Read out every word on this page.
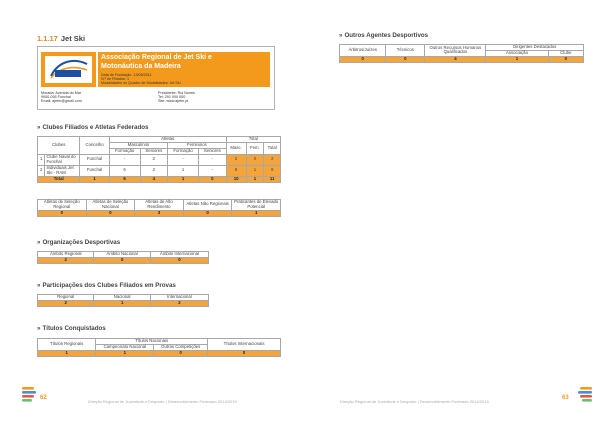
1.1.17 Jet Ski
Associação Regional de Jet Ski e
Motonáutica da Madeira
Data de Fundação: 13/05/2011
N.º de Filiados: 1
Modalidades no Quadro de Modalidades: Jet Ski
Morada: Avenida do Mar
9000-055 Funchal
Email: ajetm@gmail.com
Presidente: Rui Nunes
Tel: 291 000 000
Site: www.ajetm.pt
» Clubes Filiados e Atletas Federados
Clubes		Concelho	Atletas				Total		
			Masculinos		Femininos		Masc.	Fem.	Total
			Formação	Seniores	Formação	Seniores			
1	Clube Naval do Funchal	Funchal	-	2	-	-	2	0	2
2	Individuais Jet Ski - RAM	Funchal	6	2	1	-	8	1	9
Total		1	6	4	1	0	10	1	11
Atletas de Seleção Regional	Atletas de Seleção Nacional	Atletas de Alto Rendimento	Atletas Não Regionais	Praticantes de Elevado Potencial
0	0	3	0	1
» Organizações Desportivas
Âmbito Regional	Âmbito Nacional	Âmbito Internacional
2	0	0
» Participações dos Clubes Filiados em Provas
Regional	Nacional	Internacional
2	1	2
» Títulos Conquistados
Títulos Regionais	Títulos Nacionais		Títulos Internacionais
	Campeonato Nacional	Outras Competições	
1	1	0	0
62
Direção Regional de Juventude e Desporto | Desenvolvimento Federado 2014/2015
» Outros Agentes Desportivos
Árbitros/Juízes	Técnicos	Outros Recursos Humanos Qualificados	Dirigentes Destacados	
			Associação	Clube
0	0	4	1	0
Direção Regional de Juventude e Desporto | Desenvolvimento Federado 2014/2015
63
